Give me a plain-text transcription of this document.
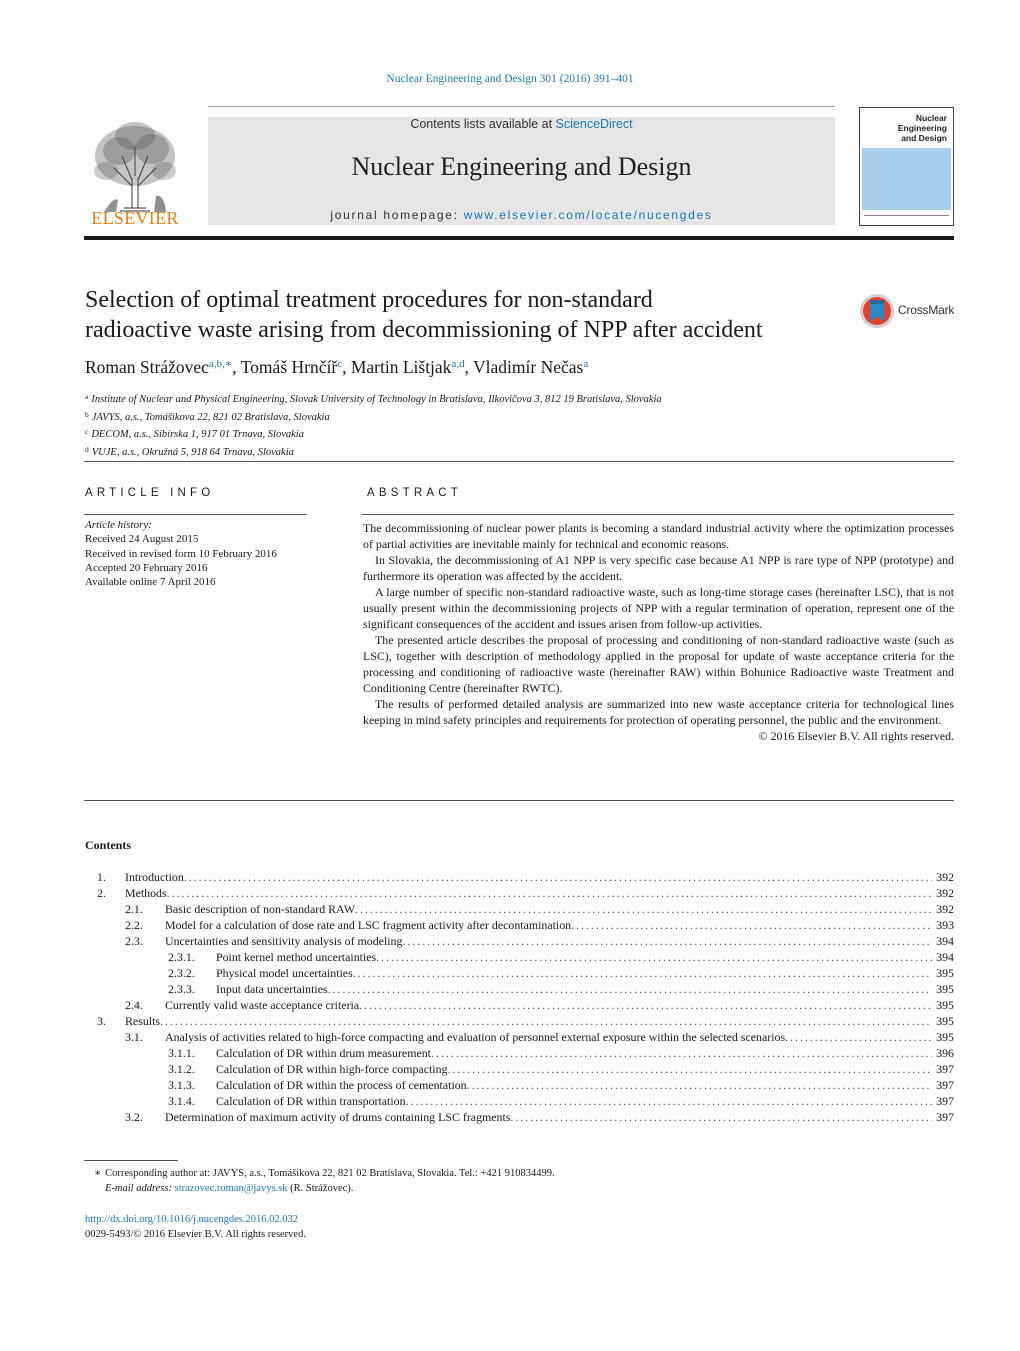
Nuclear Engineering and Design 301 (2016) 391–401
ELSEVIER
Contents lists available at ScienceDirect
Nuclear Engineering and Design
journal homepage: www.elsevier.com/locate/nucengdes
Nuclear Engineering
and Design
Selection of optimal treatment procedures for non-standard
radioactive waste arising from decommissioning of NPP after accident
CrossMark
Roman Strážovec$^{a,b,∗}$, Tomáš Hrnčíř$^c$, Martin Lištjak$^{a,d}$, Vladimír Nečas$^a$
$^a$ Institute of Nuclear and Physical Engineering, Slovak University of Technology in Bratislava, Ilkovičova 3, 812 19 Bratislava, Slovakia
$^b$ JAVYS, a.s., Tomášikova 22, 821 02 Bratislava, Slovakia
$^c$ DECOM, a.s., Sibírska 1, 917 01 Trnava, Slovakia
$^d$ VUJE, a.s., Okružná 5, 918 64 Trnava, Slovakia
ARTICLE INFO
Article history:
Received 24 August 2015
Received in revised form 10 February 2016
Accepted 20 February 2016
Available online 7 April 2016
ABSTRACT

The decommissioning of nuclear power plants is becoming a standard industrial activity where the optimization processes of partial activities are inevitable mainly for technical and economic reasons.

In Slovakia, the decommissioning of A1 NPP is very specific case because A1 NPP is rare type of NPP (prototype) and furthermore its operation was affected by the accident.

A large number of specific non-standard radioactive waste, such as long-time storage cases (hereinafter LSC), that is not usually present within the decommissioning projects of NPP with a regular termination of operation, represent one of the significant consequences of the accident and issues arisen from follow-up activities.

The presented article describes the proposal of processing and conditioning of non-standard radioactive waste (such as LSC), together with description of methodology applied in the proposal for update of waste acceptance criteria for the processing and conditioning of radioactive waste (hereinafter RAW) within Bohunice Radioactive waste Treatment and Conditioning Centre (hereinafter RWTC).

The results of performed detailed analysis are summarized into new waste acceptance criteria for technological lines keeping in mind safety principles and requirements for protection of operating personnel, the public and the environment.

© 2016 Elsevier B.V. All rights reserved.
Contents
1. Introduction . . .	392
2. Methods . . .	392
2.1. Basic description of non-standard RAW . . .	392
2.2. Model for a calculation of dose rate and LSC fragment activity after decontamination . . .	393
2.3. Uncertainties and sensitivity analysis of modeling . . .	394
2.3.1. Point kernel method uncertainties . . .	394
2.3.2. Physical model uncertainties . . .	395
2.3.3. Input data uncertainties . . .	395
2.4. Currently valid waste acceptance criteria . . .	395
3. Results . . .	395
3.1. Analysis of activities related to high-force compacting and evaluation of personnel external exposure within the selected scenarios . . .	395
3.1.1. Calculation of DR within drum measurement . . .	396
3.1.2. Calculation of DR within high-force compacting . . .	397
3.1.3. Calculation of DR within the process of cementation . . .	397
3.1.4. Calculation of DR within transportation . . .	397
3.2. Determination of maximum activity of drums containing LSC fragments . . .	397
∗ Corresponding author at: JAVYS, a.s., Tomášikova 22, 821 02 Bratislava, Slovakia. Tel.: +421 910834499.
E-mail address: strazovec.roman@javys.sk (R. Strážovec).
http://dx.doi.org/10.1016/j.nucengdes.2016.02.032
0029-5493/© 2016 Elsevier B.V. All rights reserved.
